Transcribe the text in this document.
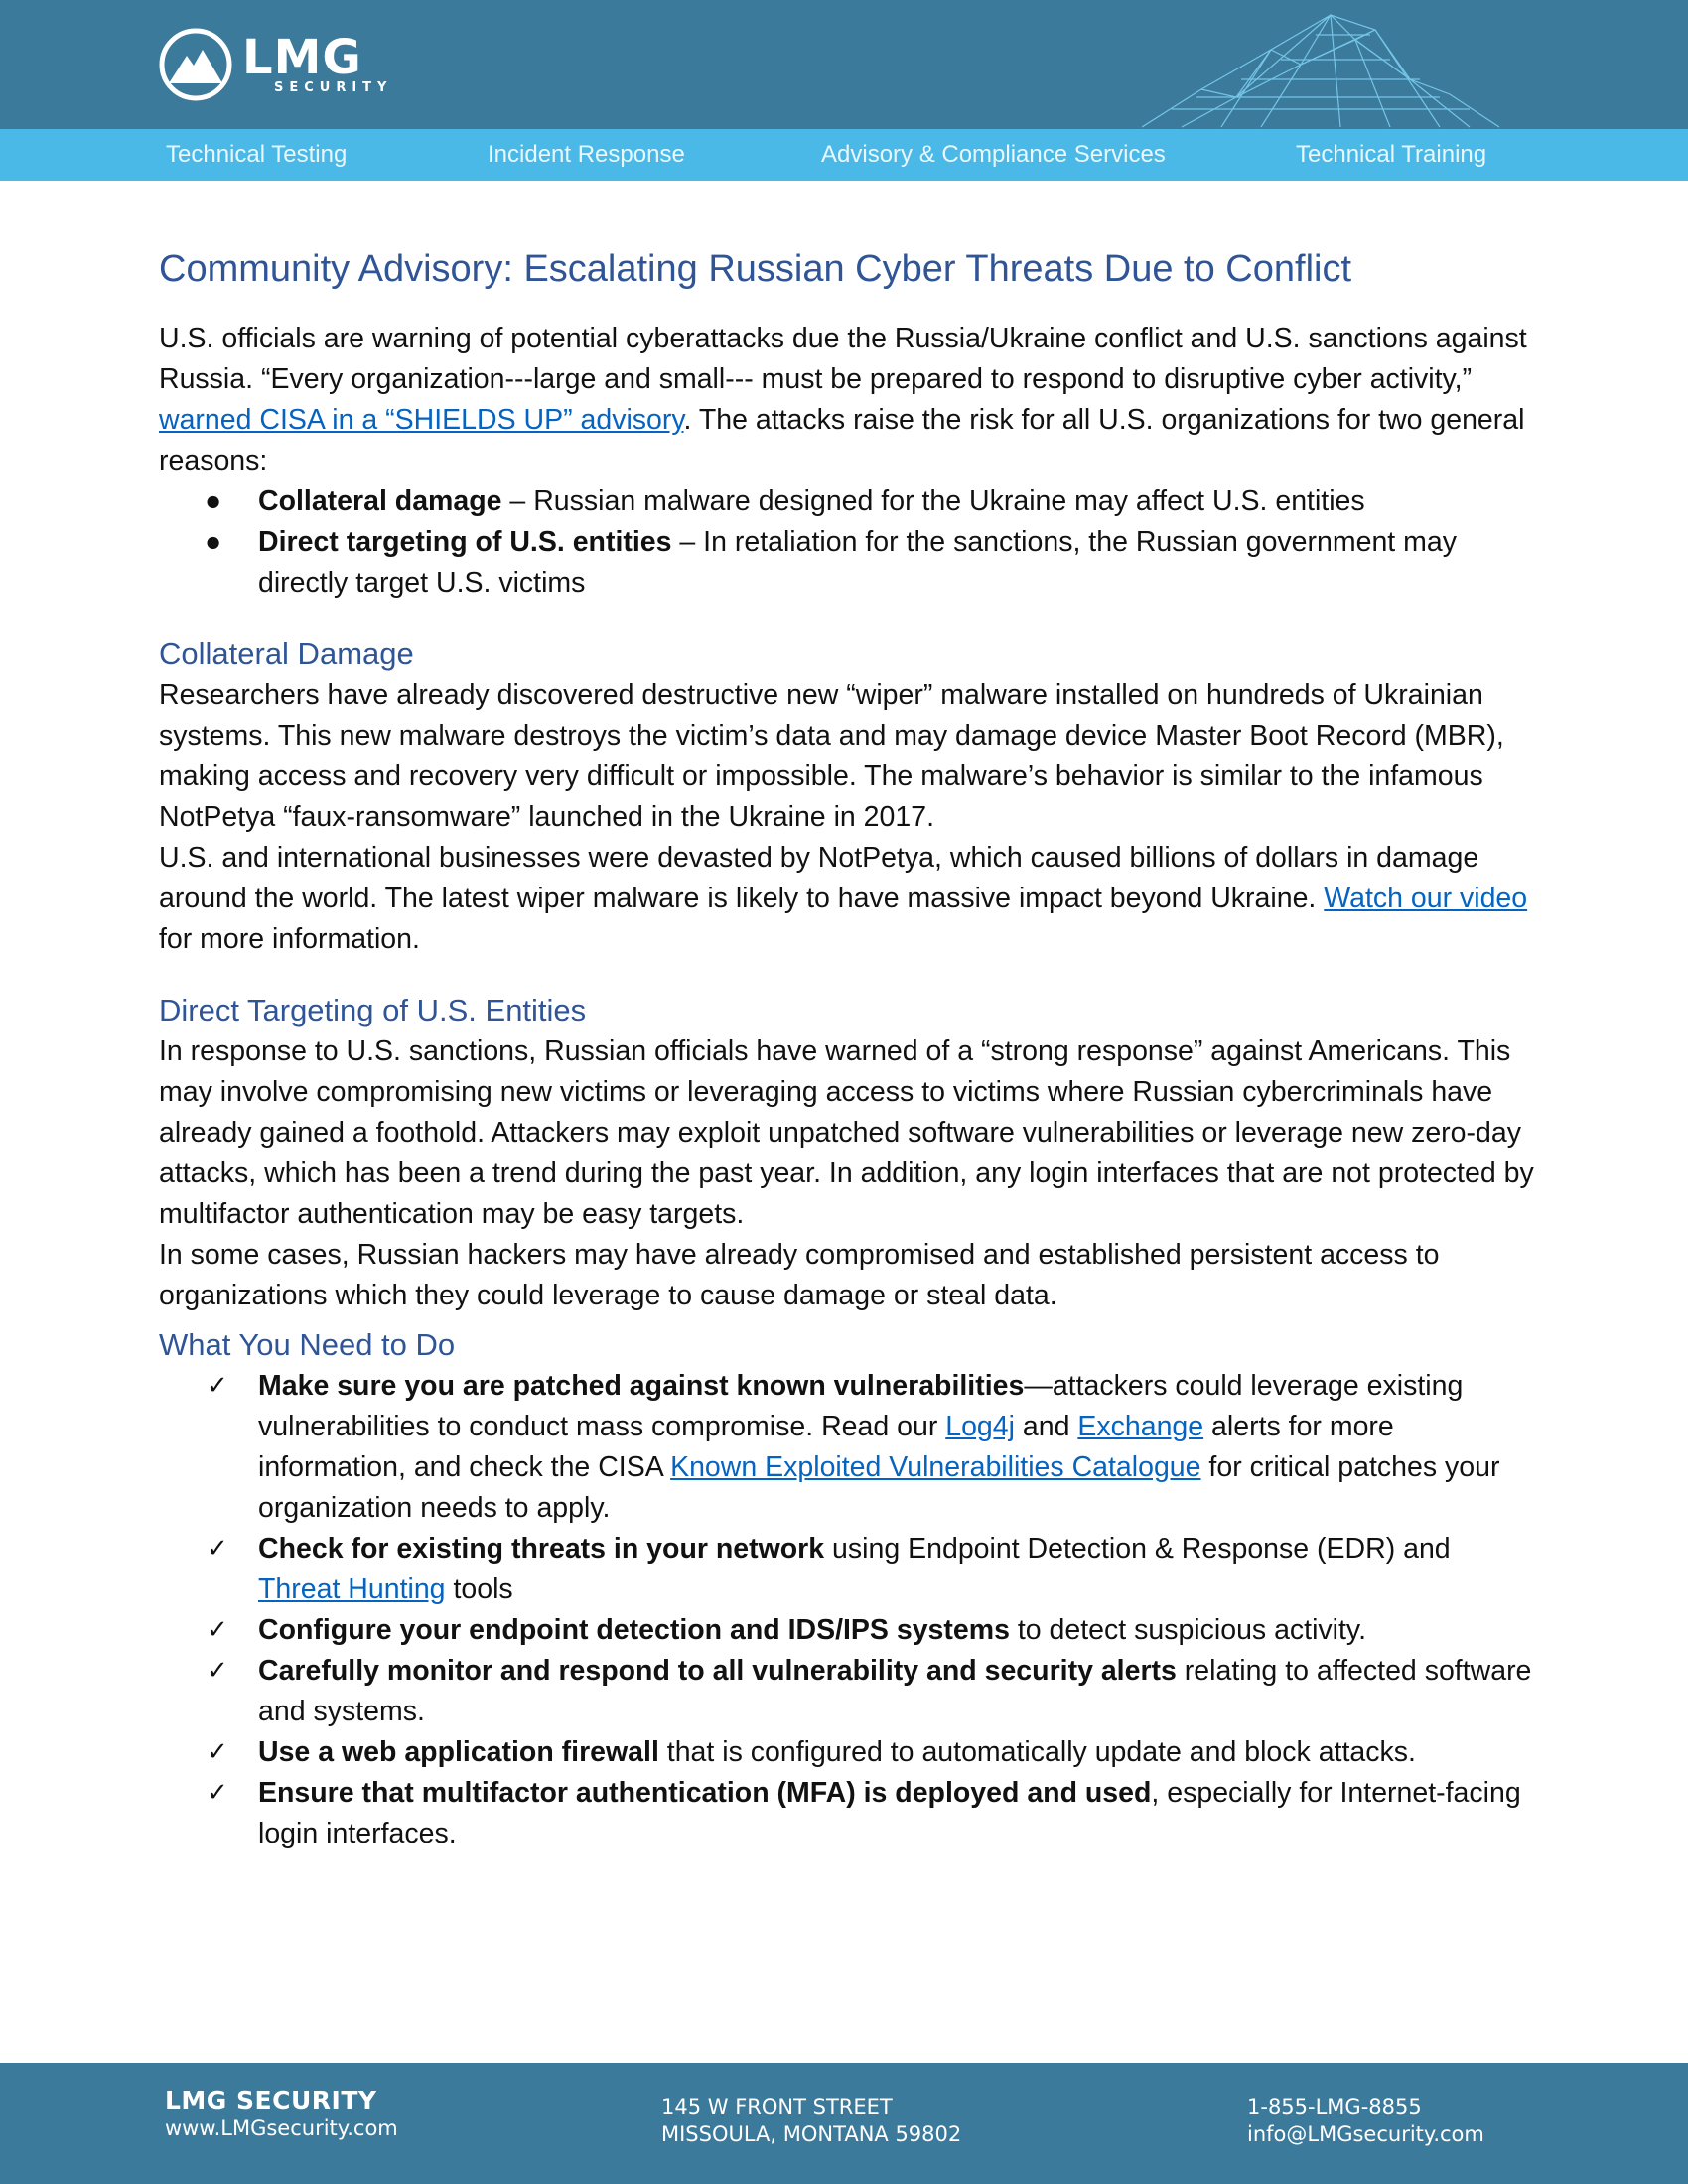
LMG
SECURITY
Technical Testing	Incident Response	Advisory & Compliance Services	Technical Training
Community Advisory: Escalating Russian Cyber Threats Due to Conflict

U.S. officials are warning of potential cyberattacks due the Russia/Ukraine conflict and U.S. sanctions against Russia. “Every organization---large and small--- must be prepared to respond to disruptive cyber activity,” warned CISA in a “SHIELDS UP” advisory. The attacks raise the risk for all U.S. organizations for two general reasons:

● Collateral damage – Russian malware designed for the Ukraine may affect U.S. entities
● Direct targeting of U.S. entities – In retaliation for the sanctions, the Russian government may directly target U.S. victims
Collateral Damage

Researchers have already discovered destructive new “wiper” malware installed on hundreds of Ukrainian systems. This new malware destroys the victim’s data and may damage device Master Boot Record (MBR), making access and recovery very difficult or impossible. The malware’s behavior is similar to the infamous NotPetya “faux-ransomware” launched in the Ukraine in 2017.

U.S. and international businesses were devasted by NotPetya, which caused billions of dollars in damage around the world. The latest wiper malware is likely to have massive impact beyond Ukraine. Watch our video for more information.

Direct Targeting of U.S. Entities

In response to U.S. sanctions, Russian officials have warned of a “strong response” against Americans. This may involve compromising new victims or leveraging access to victims where Russian cybercriminals have already gained a foothold. Attackers may exploit unpatched software vulnerabilities or leverage new zero-day attacks, which has been a trend during the past year. In addition, any login interfaces that are not protected by multifactor authentication may be easy targets.

In some cases, Russian hackers may have already compromised and established persistent access to organizations which they could leverage to cause damage or steal data.

What You Need to Do
✓ Make sure you are patched against known vulnerabilities—attackers could leverage existing vulnerabilities to conduct mass compromise. Read our Log4j and Exchange alerts for more information, and check the CISA Known Exploited Vulnerabilities Catalogue for critical patches your organization needs to apply.
✓ Check for existing threats in your network using Endpoint Detection & Response (EDR) and Threat Hunting tools
✓ Configure your endpoint detection and IDS/IPS systems to detect suspicious activity.
✓ Carefully monitor and respond to all vulnerability and security alerts relating to affected software and systems.
✓ Use a web application firewall that is configured to automatically update and block attacks.
✓ Ensure that multifactor authentication (MFA) is deployed and used, especially for Internet-facing login interfaces.
LMG SECURITY
www.LMGsecurity.com
145 W FRONT STREET
MISSOULA, MONTANA 59802
1-855-LMG-8855
info@LMGsecurity.com
